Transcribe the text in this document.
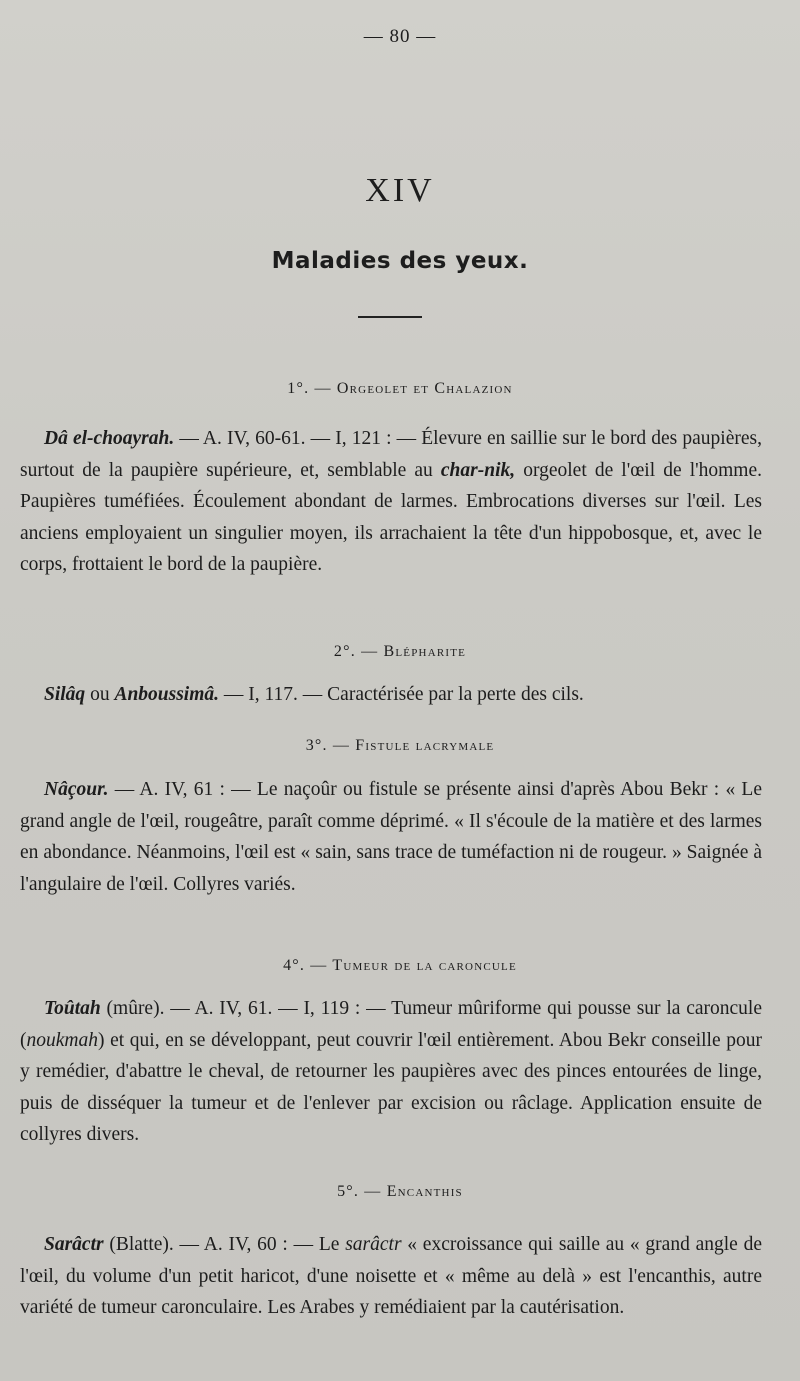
— 80 —
XIV
Maladies des yeux.
1°. — Orgeolet et Chalazion
Dâ el-choayrah. — A. IV, 60-61. — I, 121 : — Élevure en saillie sur le bord des paupières, surtout de la paupière supérieure, et, semblable au char-nik, orgeolet de l'œil de l'homme. Paupières tuméfiées. Écoulement abondant de larmes. Embrocations diverses sur l'œil. Les anciens employaient un singulier moyen, ils arrachaient la tête d'un hippobosque, et, avec le corps, frottaient le bord de la paupière.
2°. — Blépharite
Silâq ou Anboussimâ. — I, 117. — Caractérisée par la perte des cils.
3°. — Fistule lacrymale
Nâçour. — A. IV, 61 : — Le naçoûr ou fistule se présente ainsi d'après Abou Bekr : « Le grand angle de l'œil, rougeâtre, paraît comme déprimé. « Il s'écoule de la matière et des larmes en abondance. Néanmoins, l'œil est « sain, sans trace de tuméfaction ni de rougeur. » Saignée à l'angulaire de l'œil. Collyres variés.
4°. — Tumeur de la caroncule
Toûtah (mûre). — A. IV, 61. — I, 119 : — Tumeur mûriforme qui pousse sur la caroncule (noukmah) et qui, en se développant, peut couvrir l'œil entièrement. Abou Bekr conseille pour y remédier, d'abattre le cheval, de retourner les paupières avec des pinces entourées de linge, puis de disséquer la tumeur et de l'enlever par excision ou râclage. Application ensuite de collyres divers.
5°. — Encanthis
Sarâctr (Blatte). — A. IV, 60 : — Le sarâctr « excroissance qui saille au « grand angle de l'œil, du volume d'un petit haricot, d'une noisette et « même au delà » est l'encanthis, autre variété de tumeur caronculaire. Les Arabes y remédiaient par la cautérisation.
